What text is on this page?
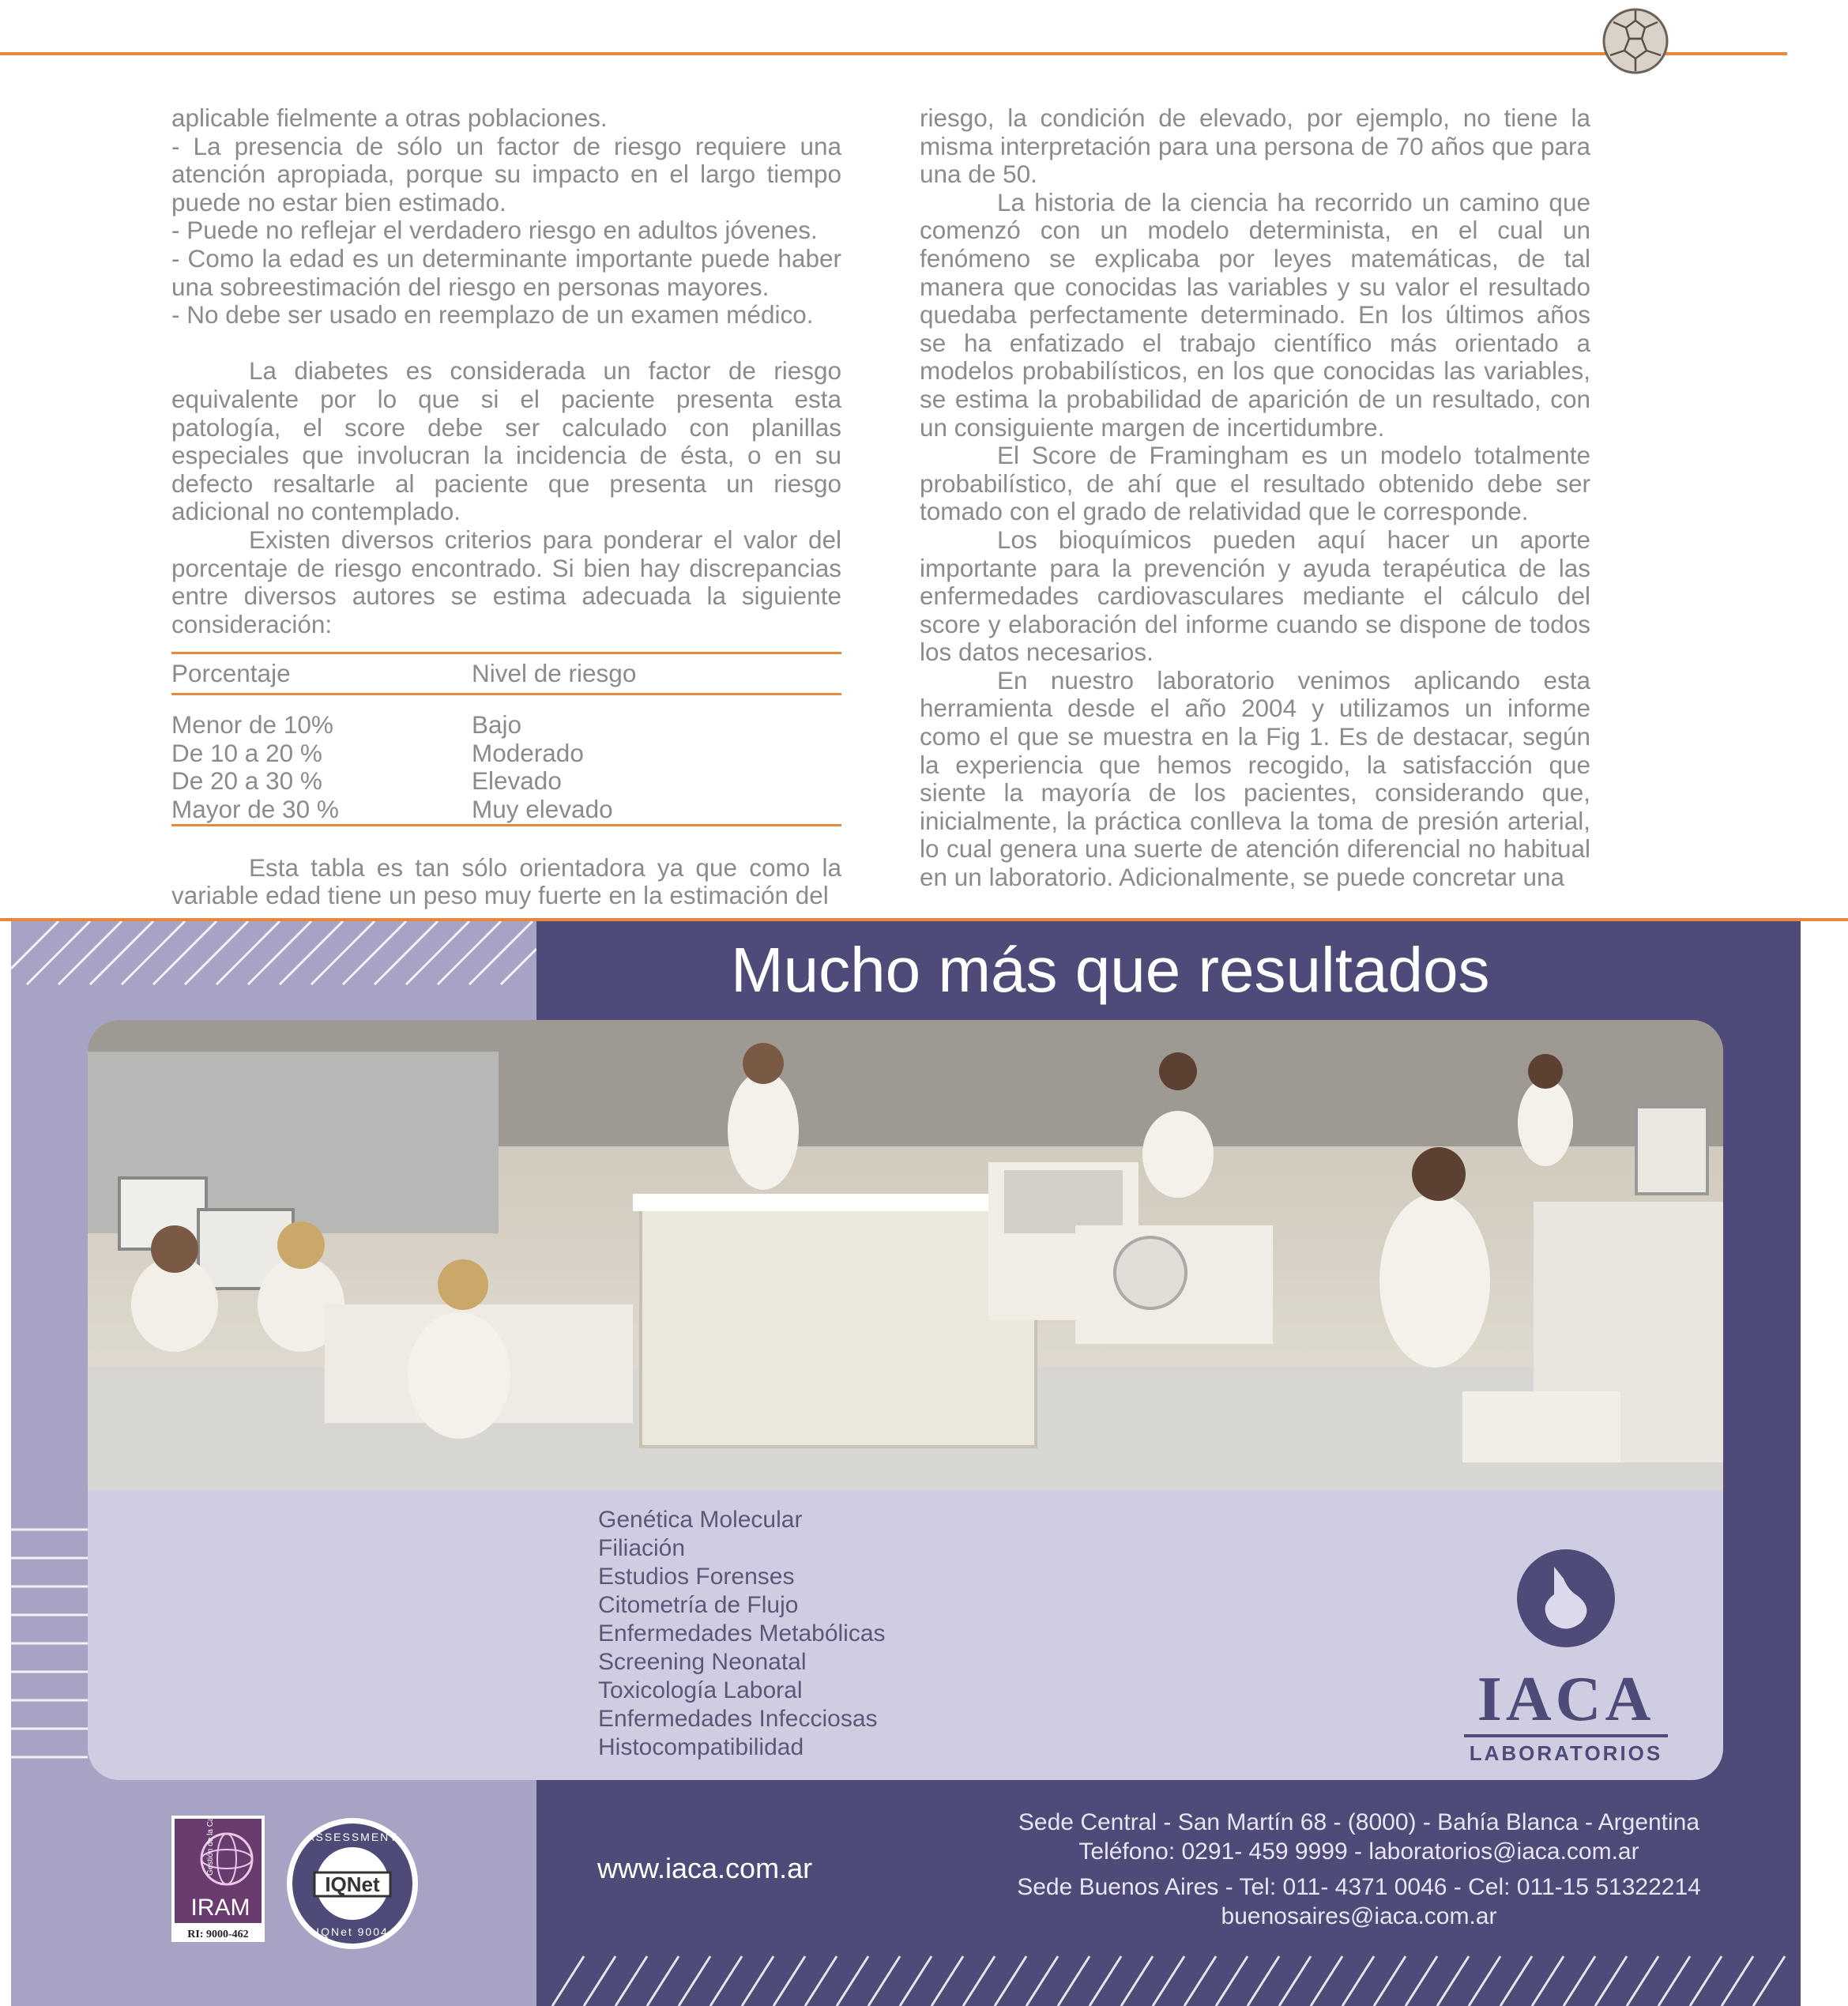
aplicable fielmente a otras poblaciones.

- La presencia de sólo un factor de riesgo requiere una atención apropiada, porque su impacto en el largo tiempo puede no estar bien estimado.

- Puede no reflejar el verdadero riesgo en adultos jóvenes.

- Como la edad es un determinante importante puede haber una sobreestimación del riesgo en personas mayores.

- No debe ser usado en reemplazo de un examen médico.

La diabetes es considerada un factor de riesgo equivalente por lo que si el paciente presenta esta patología, el score debe ser calculado con planillas especiales que involucran la incidencia de ésta, o en su defecto resaltarle al paciente que presenta un riesgo adicional no contemplado.

Existen diversos criterios para ponderar el valor del porcentaje de riesgo encontrado. Si bien hay discrepancias entre diversos autores se estima adecuada la siguiente consideración:

Porcentaje	Nivel de riesgo
Menor de 10%	Bajo
De 10 a 20 %	Moderado
De 20 a 30 %	Elevado
Mayor de 30 %	Muy elevado

Esta tabla es tan sólo orientadora ya que como la variable edad tiene un peso muy fuerte en la estimación del

riesgo, la condición de elevado, por ejemplo, no tiene la misma interpretación para una persona de 70 años que para una de 50.

La historia de la ciencia ha recorrido un camino que comenzó con un modelo determinista, en el cual un fenómeno se explicaba por leyes matemáticas, de tal manera que conocidas las variables y su valor el resultado quedaba perfectamente determinado. En los últimos años se ha enfatizado el trabajo científico más orientado a modelos probabilísticos, en los que conocidas las variables, se estima la probabilidad de aparición de un resultado, con un consiguiente margen de incertidumbre.

El Score de Framingham es un modelo totalmente probabilístico, de ahí que el resultado obtenido debe ser tomado con el grado de relatividad que le corresponde.

Los bioquímicos pueden aquí hacer un aporte importante para la prevención y ayuda terapéutica de las enfermedades cardiovasculares mediante el cálculo del score y elaboración del informe cuando se dispone de todos los datos necesarios.

En nuestro laboratorio venimos aplicando esta herramienta desde el año 2004 y utilizamos un informe como el que se muestra en la Fig 1. Es de destacar, según la experiencia que hemos recogido, la satisfacción que siente la mayoría de los pacientes, considerando que, inicialmente, la práctica conlleva la toma de presión arterial, lo cual genera una suerte de atención diferencial no habitual en un laboratorio. Adicionalmente, se puede concretar una

Mucho más que resultados
Genética Molecular
Filiación
Estudios Forenses
Citometría de Flujo
Enfermedades Metabólicas
Screening Neonatal
Toxicología Laboral
Enfermedades Infecciosas
Histocompatibilidad
IACA
LABORATORIOS
Gestión de la Calidad
IRAM
RI: 9000-462
ASSESSMENT
IQNet
IQNet 9004
www.iaca.com.ar
Sede Central - San Martín 68 - (8000) - Bahía Blanca - Argentina
Teléfono: 0291- 459 9999 - laboratorios@iaca.com.ar
Sede Buenos Aires - Tel: 011- 4371 0046 - Cel: 011-15 51322214
buenosaires@iaca.com.ar
